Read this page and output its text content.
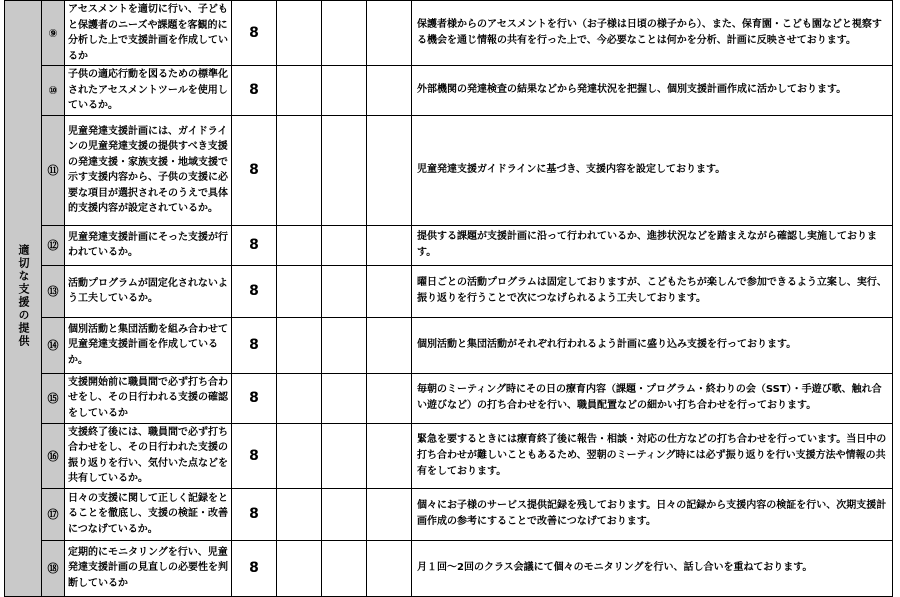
適切な支援の提供	⑨	アセスメントを適切に行い、子どもと保護者のニーズや課題を客観的に分析した上で支援計画を作成しているか	8				保護者様からのアセスメントを行い（お子様は日頃の様子から）、また、保育園・こども園などと視察する機会を通じ情報の共有を行った上で、今必要なことは何かを分析、計画に反映させております。
	⑩	子供の適応行動を図るための標準化されたアセスメントツールを使用しているか。	8				外部機関の発達検査の結果などから発達状況を把握し、個別支援計画作成に活かしております。
	⑪	児童発達支援計画には、ガイドラインの児童発達支援の提供すべき支援の発達支援・家族支援・地域支援で示す支援内容から、子供の支援に必要な項目が選択されそのうえで具体的支援内容が設定されているか。	8				児童発達支援ガイドラインに基づき、支援内容を設定しております。
	⑫	児童発達支援計画にそった支援が行われているか。	8				提供する課題が支援計画に沿って行われているか、進捗状況などを踏まえながら確認し実施しております。
	⑬	活動プログラムが固定化されないよう工夫しているか。	8				曜日ごとの活動プログラムは固定しておりますが、こどもたちが楽しんで参加できるよう立案し、実行、振り返りを行うことで次につなげられるよう工夫しております。
	⑭	個別活動と集団活動を組み合わせて児童発達支援計画を作成しているか。	8				個別活動と集団活動がそれぞれ行われるよう計画に盛り込み支援を行っております。
	⑮	支援開始前に職員間で必ず打ち合わせをし、その日行われる支援の確認をしているか	8				毎朝のミーティング時にその日の療育内容（課題・プログラム・終わりの会（SST）・手遊び歌、触れ合い遊びなど）の打ち合わせを行い、職員配置などの細かい打ち合わせを行っております。
	⑯	支援終了後には、職員間で必ず打ち合わせをし、その日行われた支援の振り返りを行い、気付いた点などを共有しているか。	8				緊急を要するときには療育終了後に報告・相談・対応の仕方などの打ち合わせを行っています。当日中の打ち合わせが難しいこともあるため、翌朝のミーティング時には必ず振り返りを行い支援方法や情報の共有をしております。
	⑰	日々の支援に関して正しく記録をとることを徹底し、支援の検証・改善につなげているか。	8				個々にお子様のサービス提供記録を残しております。日々の記録から支援内容の検証を行い、次期支援計画作成の参考にすることで改善につなげております。
	⑱	定期的にモニタリングを行い、児童発達支援計画の見直しの必要性を判断しているか	8				月１回～2回のクラス会議にて個々のモニタリングを行い、話し合いを重ねております。
